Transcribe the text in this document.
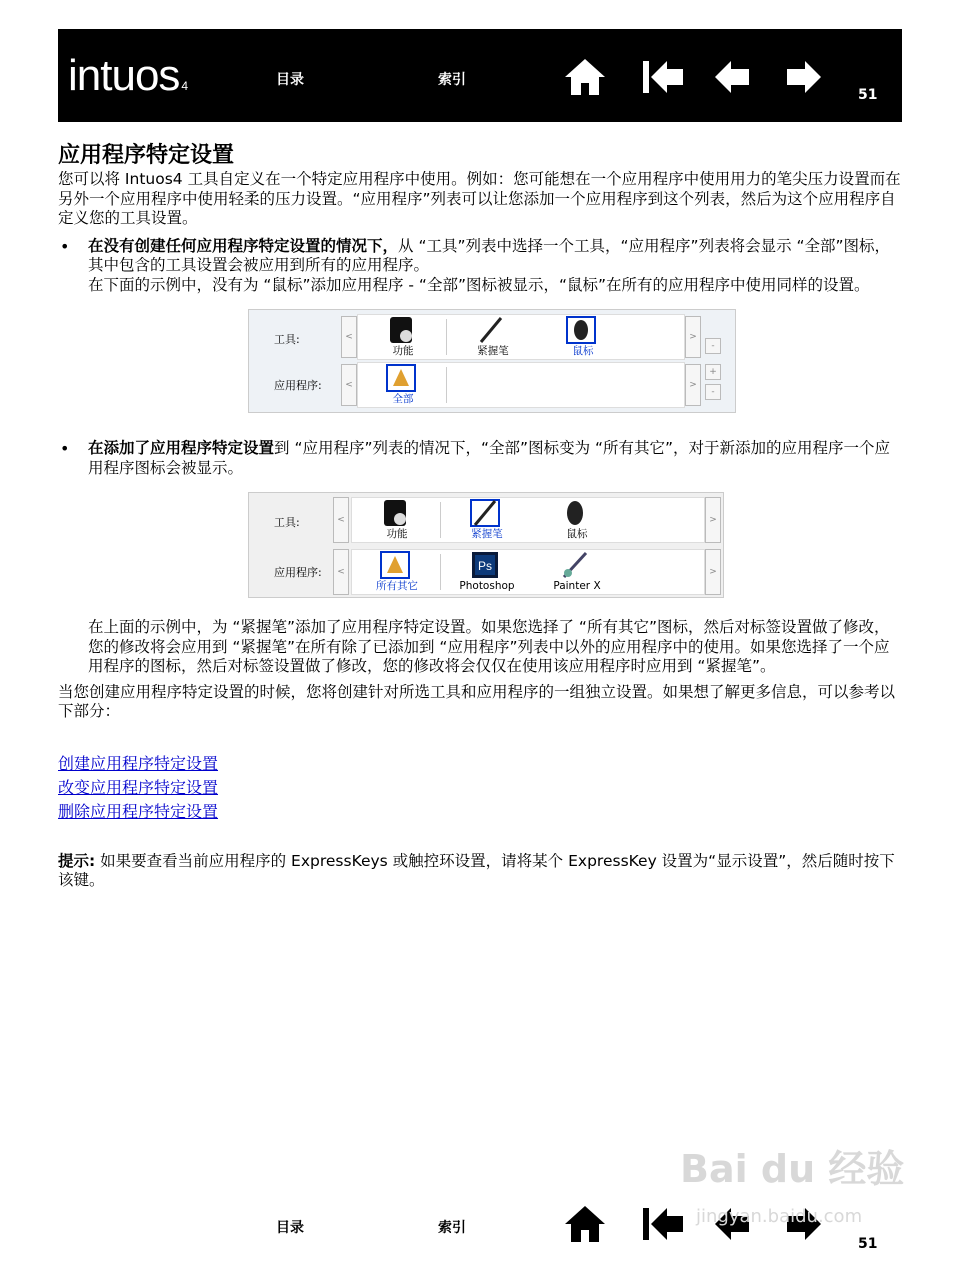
intuos 4	目录	索引
51
应用程序特定设置

您可以将 Intuos4 工具自定义在一个特定应用程序中使用。例如：您可能想在一个应用程序中使用用力的笔尖压力设置而在另外一个应用程序中使用轻柔的压力设置。“应用程序”列表可以让您添加一个应用程序到这个列表，然后为这个应用程序自定义您的工具设置。

• 在没有创建任何应用程序特定设置的情况下，从 “工具”列表中选择一个工具，“应用程序”列表将会显示 “全部”图标，其中包含的工具设置会被应用到所有的应用程序。

在下面的示例中，没有为 “鼠标”添加应用程序 - “全部”图标被显示，“鼠标”在所有的应用程序中使用同样的设置。

工具:	<
功能	紧握笔	鼠标
>
-
应用程序:	<
全部
>
+
-
• 在添加了应用程序特定设置到 “应用程序”列表的情况下，“全部”图标变为 “所有其它”，对于新添加的应用程序一个应用程序图标会被显示。

工具:	<
功能	紧握笔	鼠标
>
应用程序:	<
所有其它
Ps
Photoshop	Painter X
>

在上面的示例中，为 “紧握笔”添加了应用程序特定设置。如果您选择了 “所有其它”图标，然后对标签设置做了修改，您的修改将会应用到 “紧握笔”在所有除了已添加到 “应用程序”列表中以外的应用程序中的使用。如果您选择了一个应用程序的图标，然后对标签设置做了修改，您的修改将会仅仅在使用该应用程序时应用到 “紧握笔”。

当您创建应用程序特定设置的时候，您将创建针对所选工具和应用程序的一组独立设置。如果想了解更多信息，可以参考以下部分：

创建应用程序特定设置
改变应用程序特定设置
删除应用程序特定设置

提示: 如果要查看当前应用程序的 ExpressKeys 或触控环设置，请将某个 ExpressKey 设置为“显示设置”，然后随时按下该键。

目录	索引
51
Bai du 经验
jingyan.baidu.com
